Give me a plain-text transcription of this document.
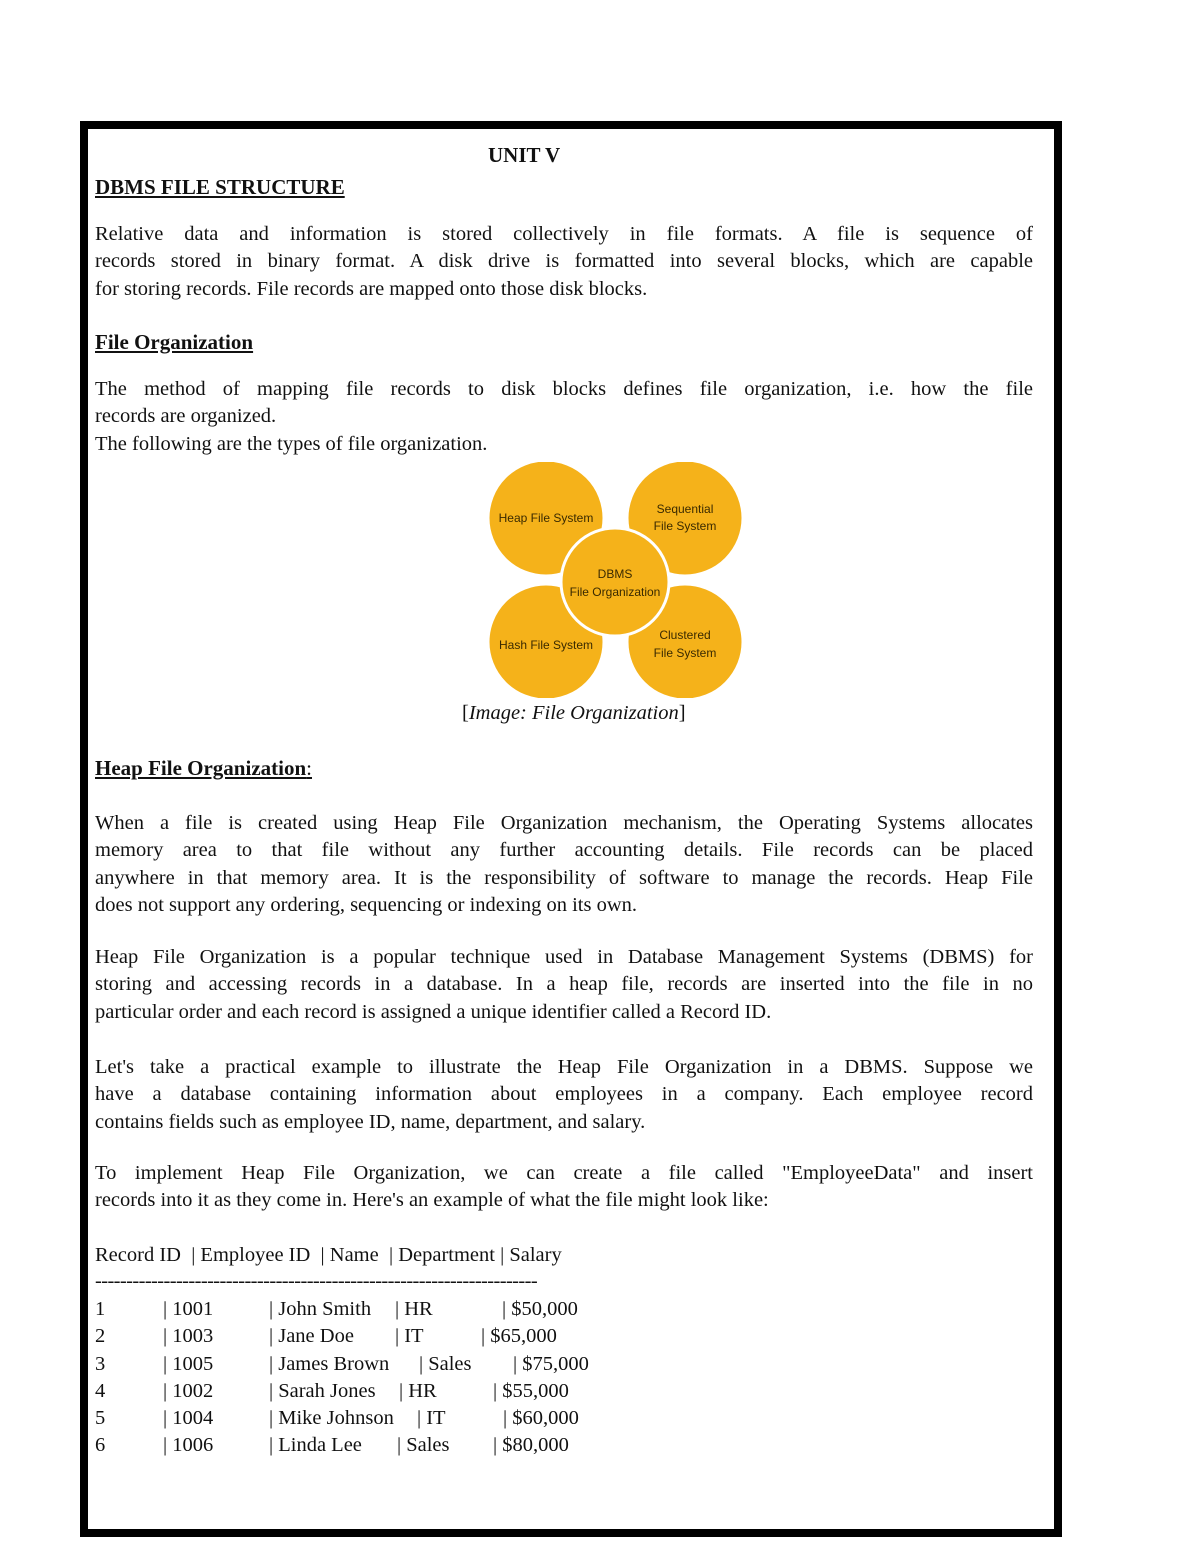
UNIT V
DBMS FILE STRUCTURE
Relative data and information is stored collectively in file formats. A file is sequence of
records stored in binary format. A disk drive is formatted into several blocks, which are capable
for storing records. File records are mapped onto those disk blocks.
File Organization
The method of mapping file records to disk blocks defines file organization, i.e. how the file
records are organized.
The following are the types of file organization.
Heap File System
Sequential
File System
DBMS
File Organization
Hash File System
Clustered
File System

[Image: File Organization]

Heap File Organization:
When a file is created using Heap File Organization mechanism, the Operating Systems allocates
memory area to that file without any further accounting details. File records can be placed
anywhere in that memory area. It is the responsibility of software to manage the records. Heap File
does not support any ordering, sequencing or indexing on its own.
Heap File Organization is a popular technique used in Database Management Systems (DBMS) for
storing and accessing records in a database. In a heap file, records are inserted into the file in no
particular order and each record is assigned a unique identifier called a Record ID.
Let's take a practical example to illustrate the Heap File Organization in a DBMS. Suppose we
have a database containing information about employees in a company. Each employee record
contains fields such as employee ID, name, department, and salary.
To implement Heap File Organization, we can create a file called "EmployeeData" and insert
records into it as they come in. Here's an example of what the file might look like:
Record ID  | Employee ID  | Name  | Department | Salary
-----------------------------------------------------------------------
1	| 1001	| John Smith | HR	| $50,000
2	| 1003	| Jane Doe | IT	| $65,000
3	| 1005	| James Brown | Sales | $75,000
4	| 1002	| Sarah Jones | HR	| $55,000
5	| 1004	| Mike Johnson | IT	| $60,000
6	| 1006	| Linda Lee | Sales | $80,000
